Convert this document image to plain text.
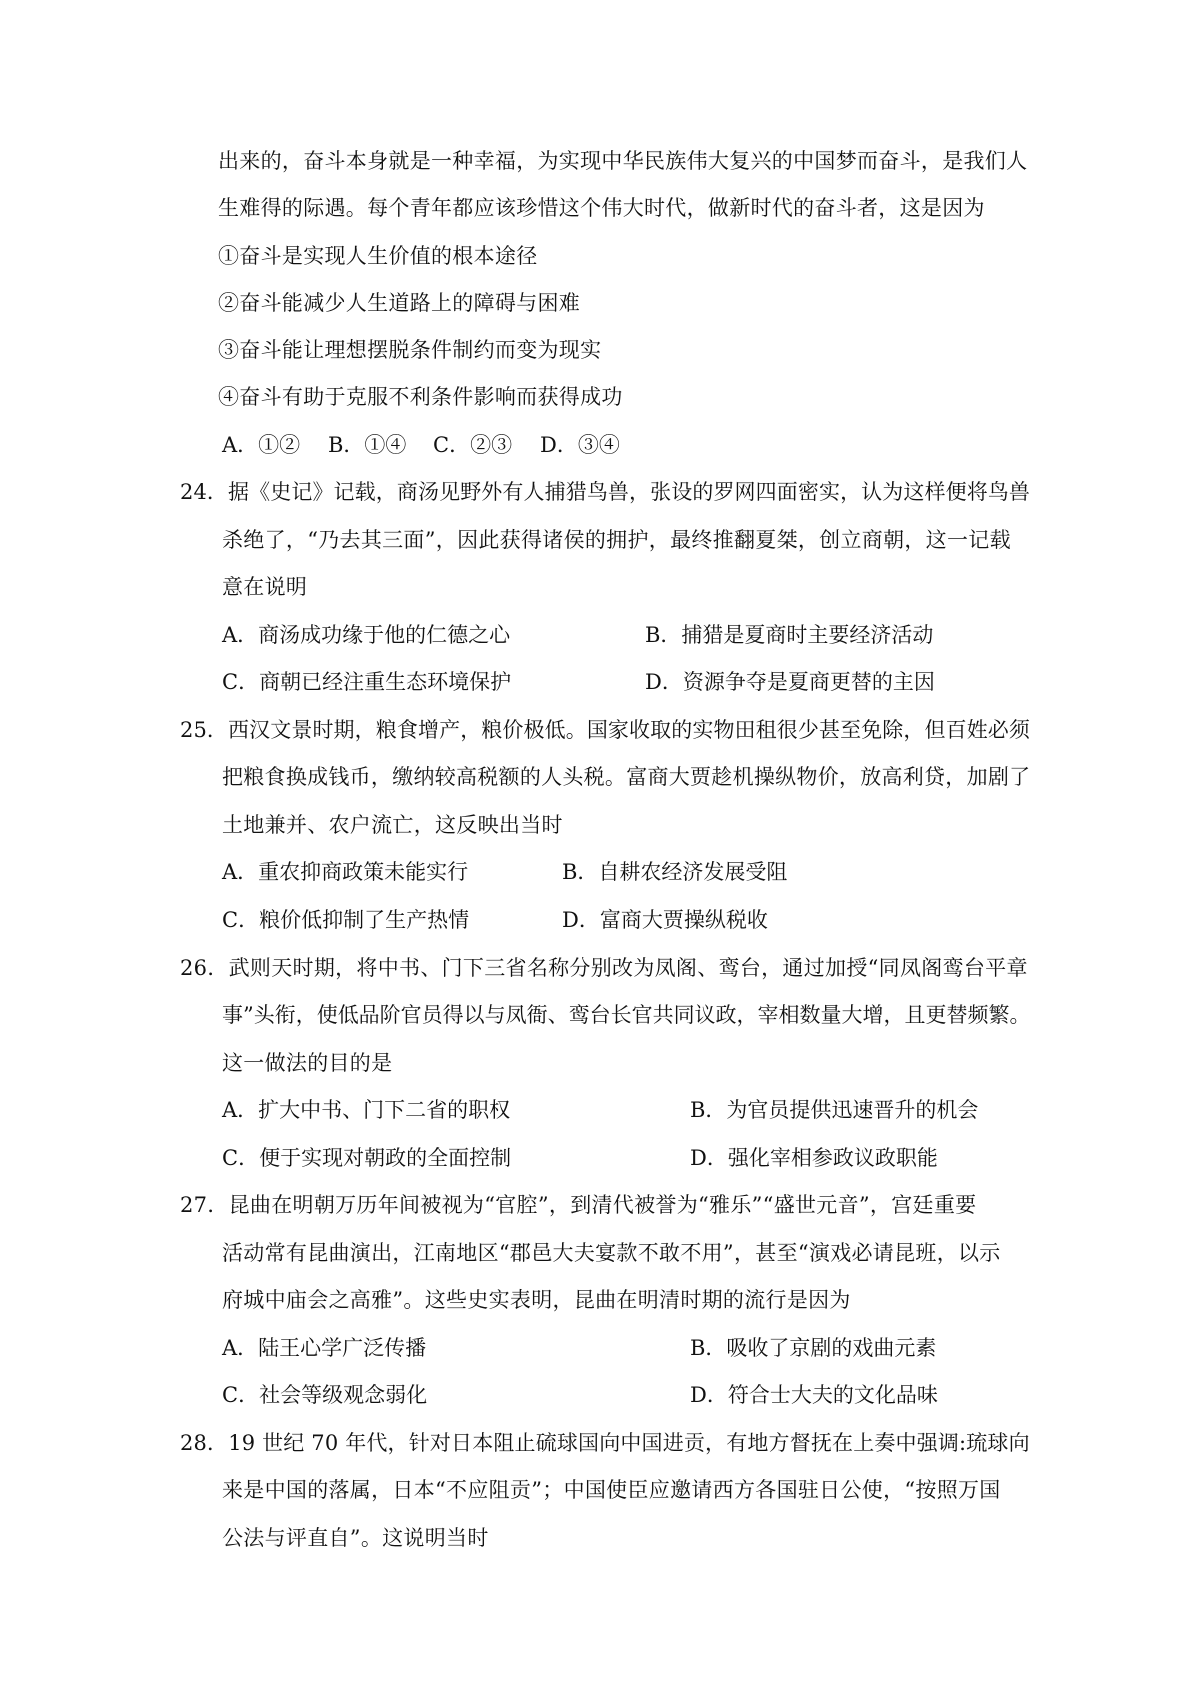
出来的，奋斗本身就是一种幸福，为实现中华民族伟大复兴的中国梦而奋斗，是我们人
生难得的际遇。每个青年都应该珍惜这个伟大时代，做新时代的奋斗者，这是因为
①奋斗是实现人生价值的根本途径
②奋斗能减少人生道路上的障碍与困难
③奋斗能让理想摆脱条件制约而变为现实
④奋斗有助于克服不利条件影响而获得成功
A．①② B．①④ C．②③ D．③④
24．据《史记》记载，商汤见野外有人捕猎鸟兽，张设的罗网四面密实，认为这样便将鸟兽
杀绝了，“乃去其三面”，因此获得诸侯的拥护，最终推翻夏桀，创立商朝，这一记载
意在说明
A．商汤成功缘于他的仁德之心	B．捕猎是夏商时主要经济活动
C．商朝已经注重生态环境保护	D．资源争夺是夏商更替的主因
25．西汉文景时期，粮食增产，粮价极低。国家收取的实物田租很少甚至免除，但百姓必须
把粮食换成钱币，缴纳较高税额的人头税。富商大贾趁机操纵物价，放高利贷，加剧了
土地兼并、农户流亡，这反映出当时
A．重农抑商政策未能实行	B．自耕农经济发展受阻
C．粮价低抑制了生产热情	D．富商大贾操纵税收
26．武则天时期，将中书、门下三省名称分别改为凤阁、鸾台，通过加授“同凤阁鸾台平章
事”头衔，使低品阶官员得以与凤衙、鸾台长官共同议政，宰相数量大增，且更替频繁。
这一做法的目的是
A．扩大中书、门下二省的职权	B．为官员提供迅速晋升的机会
C．便于实现对朝政的全面控制	D．强化宰相参政议政职能
27．昆曲在明朝万历年间被视为“官腔”，到清代被誉为“雅乐”“盛世元音”，宫廷重要
活动常有昆曲演出，江南地区“郡邑大夫宴款不敢不用”，甚至“演戏必请昆班，以示
府城中庙会之高雅”。这些史实表明，昆曲在明清时期的流行是因为
A．陆王心学广泛传播	B．吸收了京剧的戏曲元素
C．社会等级观念弱化	D．符合士大夫的文化品味
28．19 世纪 70 年代，针对日本阻止硫球国向中国进贡，有地方督抚在上奏中强调:琉球向
来是中国的落属，日本“不应阻贡”；中国使臣应邀请西方各国驻日公使，“按照万国
公法与评直自”。这说明当时
